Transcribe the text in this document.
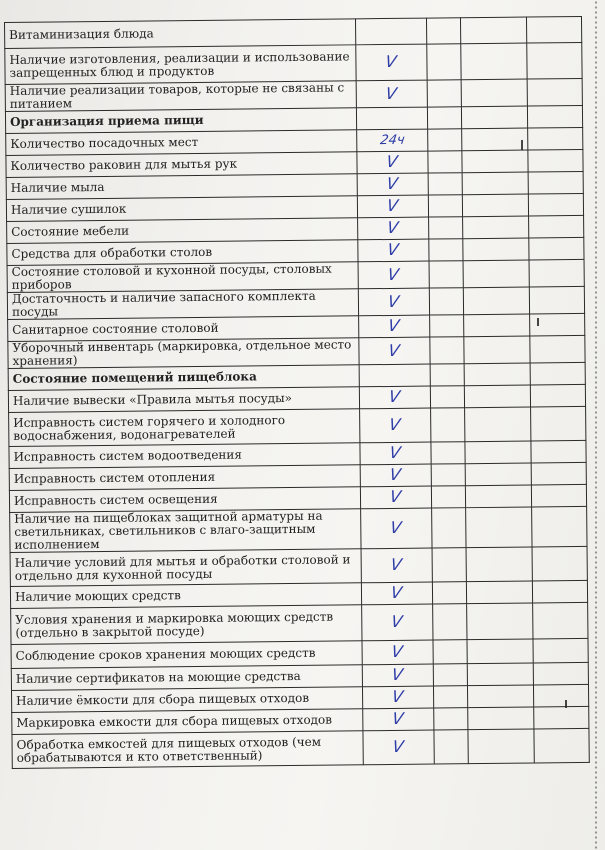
Витаминизация блюда				
Наличие изготовления, реализации и использование запрещенных блюд и продуктов	V			
Наличие реализации товаров, которые не связаны с питанием	V			
Организация приема пищи				
Количество посадочных мест	24ч			
Количество раковин для мытья рук	V			
Наличие мыла	V			
Наличие сушилок	V			
Состояние мебели	V			
Средства для обработки столов	V			
Состояние столовой и кухонной посуды, столовых приборов	V			
Достаточность и наличие запасного комплекта посуды	V			
Санитарное состояние столовой	V			
Уборочный инвентарь (маркировка, отдельное место хранения)	V			
Состояние помещений пищеблока				
Наличие вывески «Правила мытья посуды»	V			
Исправность систем горячего и холодного водоснабжения, водонагревателей	V			
Исправность систем водоотведения	V			
Исправность систем отопления	V			
Исправность систем освещения	V			
Наличие на пищеблоках защитной арматуры на светильниках, светильников с влаго-защитным исполнением	V			
Наличие условий для мытья и обработки столовой и отдельно для кухонной посуды	V			
Наличие моющих средств	V			
Условия хранения и маркировка моющих средств (отдельно в закрытой посуде)	V			
Соблюдение сроков хранения моющих средств	V			
Наличие сертификатов на моющие средства	V			
Наличие ёмкости для сбора пищевых отходов	V			
Маркировка емкости для сбора пищевых отходов	V			
Обработка емкостей для пищевых отходов (чем обрабатываются и кто ответственный)	V			
